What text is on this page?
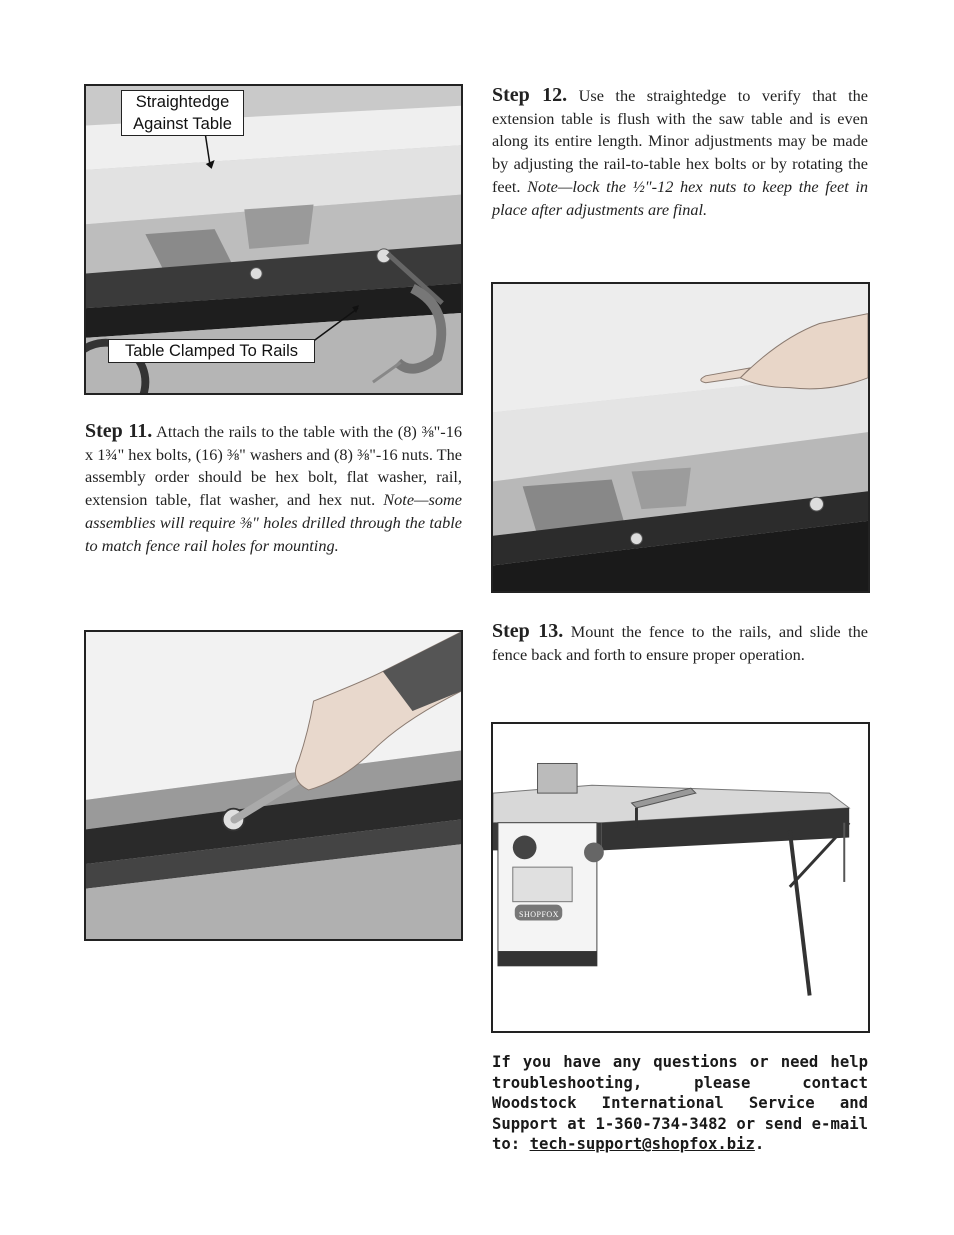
Straightedge
Against Table
Table Clamped To Rails
Step 11. Attach the rails to the table with the (8) ⅜"-16 x 1¾" hex bolts, (16) ⅜" washers and (8) ⅜"-16 nuts. The assembly order should be hex bolt, flat washer, rail, extension table, flat washer, and hex nut. Note—some assemblies will require ⅜" holes drilled through the table to match fence rail holes for mounting.
Step 12. Use the straightedge to verify that the extension table is flush with the saw table and is even along its entire length. Minor adjustments may be made by adjusting the rail-to-table hex bolts or by rotating the feet. Note—lock the ½"-12 hex nuts to keep the feet in place after adjustments are final.
Step 13. Mount the fence to the rails, and slide the fence back and forth to ensure proper operation.
SHOPFOX
If you have any questions or need help troubleshooting, please contact Woodstock International Service and Support at 1-360-734-3482 or send e-mail to: tech-support@shopfox.biz.
